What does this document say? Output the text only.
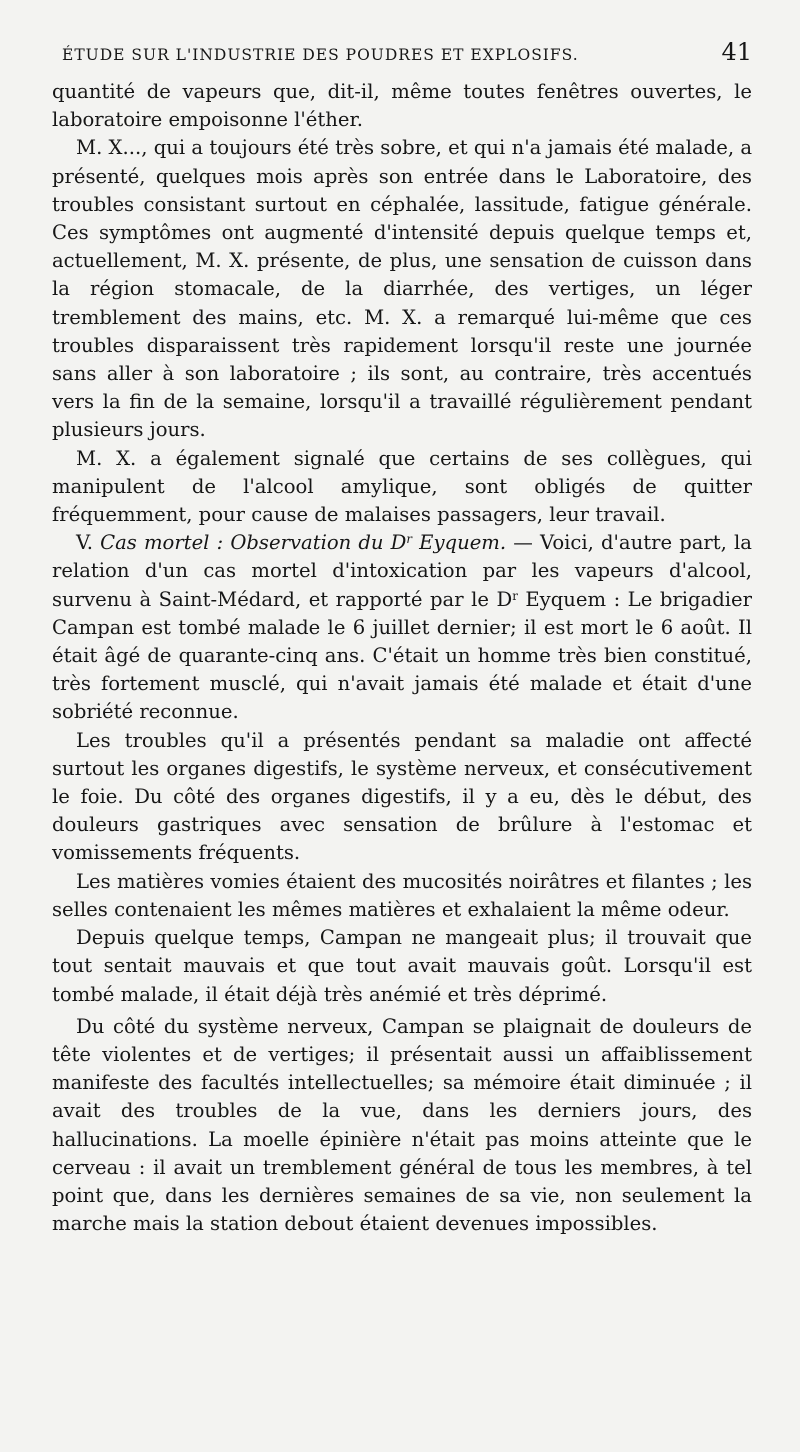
ÉTUDE SUR L'INDUSTRIE DES POUDRES ET EXPLOSIFS.	41

quantité de vapeurs que, dit-il, même toutes fenêtres ouvertes, le laboratoire empoisonne l'éther.

M. X..., qui a toujours été très sobre, et qui n'a jamais été malade, a présenté, quelques mois après son entrée dans le Laboratoire, des troubles consistant surtout en céphalée, lassitude, fatigue générale. Ces symptômes ont augmenté d'intensité depuis quelque temps et, actuellement, M. X. présente, de plus, une sensation de cuisson dans la région stomacale, de la diarrhée, des vertiges, un léger tremblement des mains, etc. M. X. a remarqué lui-même que ces troubles disparaissent très rapidement lorsqu'il reste une journée sans aller à son laboratoire ; ils sont, au contraire, très accentués vers la fin de la semaine, lorsqu'il a travaillé régulièrement pendant plusieurs jours.

M. X. a également signalé que certains de ses collègues, qui manipulent de l'alcool amylique, sont obligés de quitter fréquemment, pour cause de malaises passagers, leur travail.

V. Cas mortel : Observation du $D^r$ Eyquem. — Voici, d'autre part, la relation d'un cas mortel d'intoxication par les vapeurs d'alcool, survenu à Saint-Médard, et rapporté par le $D^r$ Eyquem : Le brigadier Campan est tombé malade le 6 juillet dernier; il est mort le 6 août. Il était âgé de quarante-cinq ans. C'était un homme très bien constitué, très fortement musclé, qui n'avait jamais été malade et était d'une sobriété reconnue.

Les troubles qu'il a présentés pendant sa maladie ont affecté surtout les organes digestifs, le système nerveux, et consécutivement le foie. Du côté des organes digestifs, il y a eu, dès le début, des douleurs gastriques avec sensation de brûlure à l'estomac et vomissements fréquents.

Les matières vomies étaient des mucosités noirâtres et filantes ; les selles contenaient les mêmes matières et exhalaient la même odeur.

Depuis quelque temps, Campan ne mangeait plus; il trouvait que tout sentait mauvais et que tout avait mauvais goût. Lorsqu'il est tombé malade, il était déjà très anémié et très déprimé.

Du côté du système nerveux, Campan se plaignait de douleurs de tête violentes et de vertiges; il présentait aussi un affaiblissement manifeste des facultés intellectuelles; sa mémoire était diminuée ; il avait des troubles de la vue, dans les derniers jours, des hallucinations. La moelle épinière n'était pas moins atteinte que le cerveau : il avait un tremblement général de tous les membres, à tel point que, dans les dernières semaines de sa vie, non seulement la marche mais la station debout étaient devenues impossibles.
